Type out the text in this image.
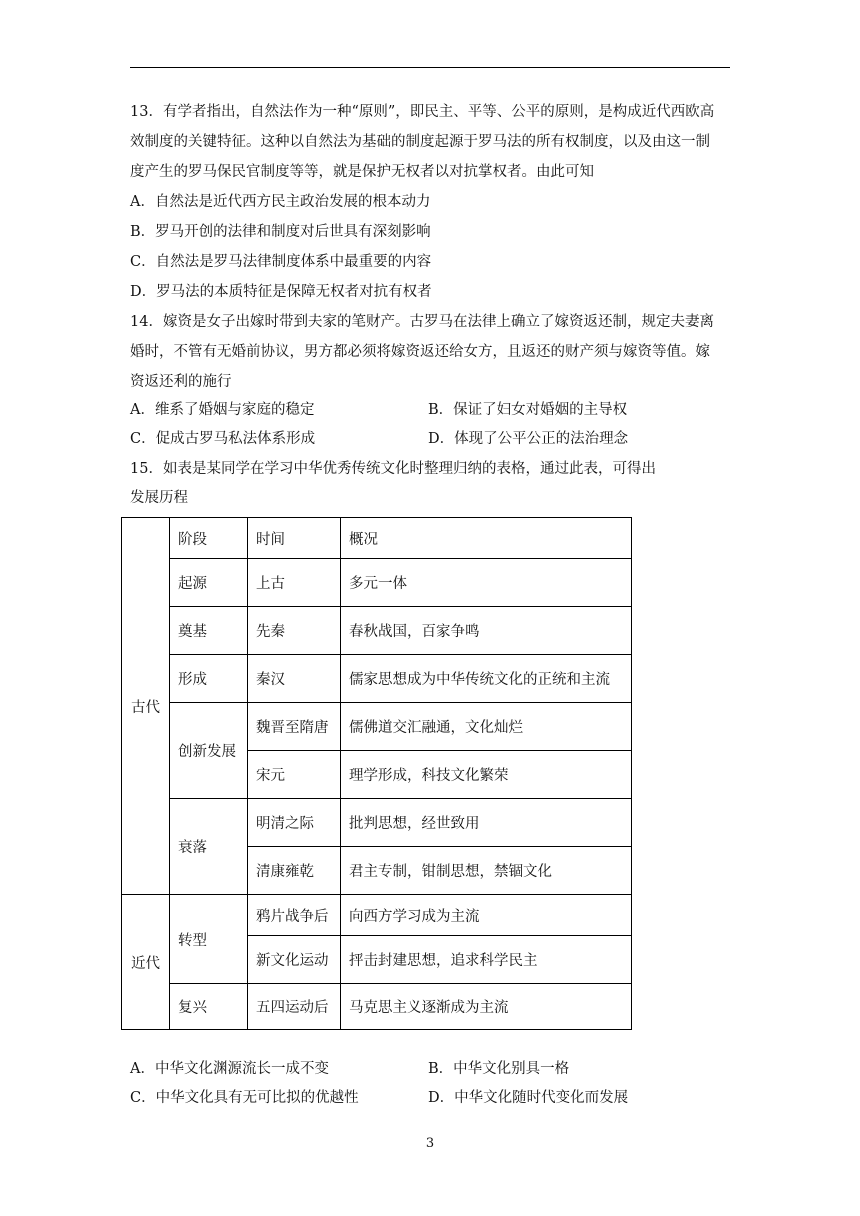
13．有学者指出，自然法作为一种“原则”，即民主、平等、公平的原则，是构成近代西欧高
效制度的关键特征。这种以自然法为基础的制度起源于罗马法的所有权制度，以及由这一制
度产生的罗马保民官制度等等，就是保护无权者以对抗掌权者。由此可知
A．自然法是近代西方民主政治发展的根本动力
B．罗马开创的法律和制度对后世具有深刻影响
C．自然法是罗马法律制度体系中最重要的内容
D．罗马法的本质特征是保障无权者对抗有权者
14．嫁资是女子出嫁时带到夫家的笔财产。古罗马在法律上确立了嫁资返还制，规定夫妻离
婚时，不管有无婚前协议，男方都必须将嫁资返还给女方，且返还的财产须与嫁资等值。嫁
资返还利的施行
A．维系了婚姻与家庭的稳定	B．保证了妇女对婚姻的主导权
C．促成古罗马私法体系形成	D．体现了公平公正的法治理念
15．如表是某同学在学习中华优秀传统文化时整理归纳的表格，通过此表，可得出
发展历程
古代	阶段	时间	概况
	起源	上古	多元一体
	奠基	先秦	春秋战国，百家争鸣
	形成	秦汉	儒家思想成为中华传统文化的正统和主流
	创新发展	魏晋至隋唐	儒佛道交汇融通，文化灿烂
		宋元	理学形成，科技文化繁荣
	衰落	明清之际	批判思想，经世致用
		清康雍乾	君主专制，钳制思想，禁锢文化

近代	转型	鸦片战争后	向西方学习成为主流
		新文化运动	抨击封建思想，追求科学民主
	复兴	五四运动后	马克思主义逐渐成为主流
A．中华文化渊源流长一成不变	B．中华文化别具一格
C．中华文化具有无可比拟的优越性	D．中华文化随时代变化而发展
3
